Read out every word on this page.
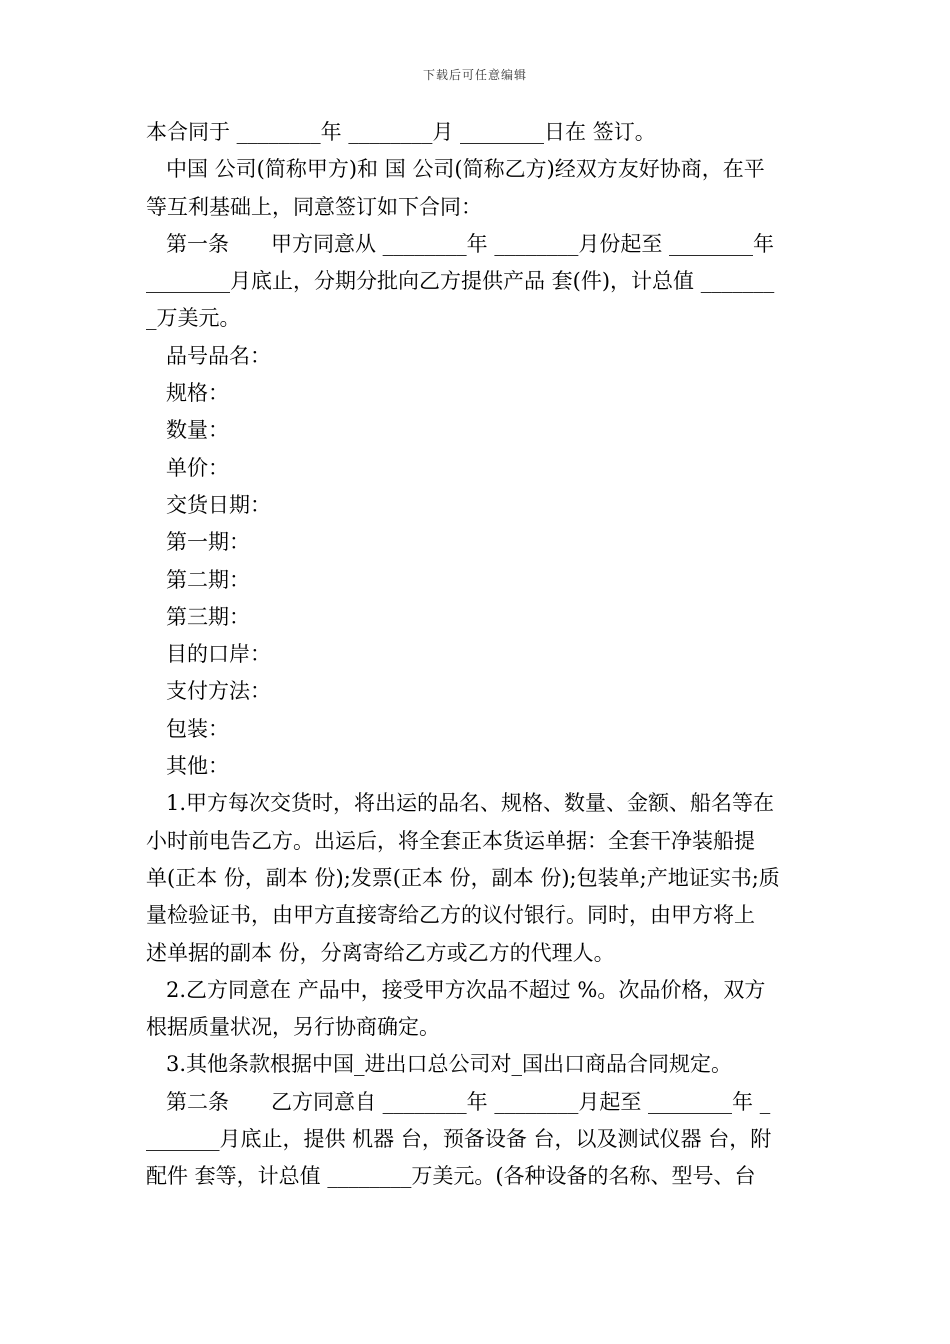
下载后可任意编辑

本合同于 ________年 ________月 ________日在 签订。

中国 公司(简称甲方)和 国 公司(简称乙方)经双方友好协商，在平

等互利基础上，同意签订如下合同：

第一条　　甲方同意从 ________年 ________月份起至 ________年

________月底止，分期分批向乙方提供产品 套(件)，计总值 _______

_万美元。

品号品名：

规格：

数量：

单价：

交货日期：

第一期：

第二期：

第三期：

目的口岸：

支付方法：

包装：

其他：

1.甲方每次交货时，将出运的品名、规格、数量、金额、船名等在

小时前电告乙方。出运后，将全套正本货运单据：全套干净装船提

单(正本 份，副本 份);发票(正本 份，副本 份);包装单;产地证实书;质

量检验证书，由甲方直接寄给乙方的议付银行。同时，由甲方将上

述单据的副本 份，分离寄给乙方或乙方的代理人。

2.乙方同意在 产品中，接受甲方次品不超过 %。次品价格，双方

根据质量状况，另行协商确定。

3.其他条款根据中国_进出口总公司对_国出口商品合同规定。

第二条　　乙方同意自 ________年 ________月起至 ________年 _

_______月底止，提供 机器 台，预备设备 台，以及测试仪器 台，附

配件 套等，计总值 ________万美元。(各种设备的名称、型号、台
